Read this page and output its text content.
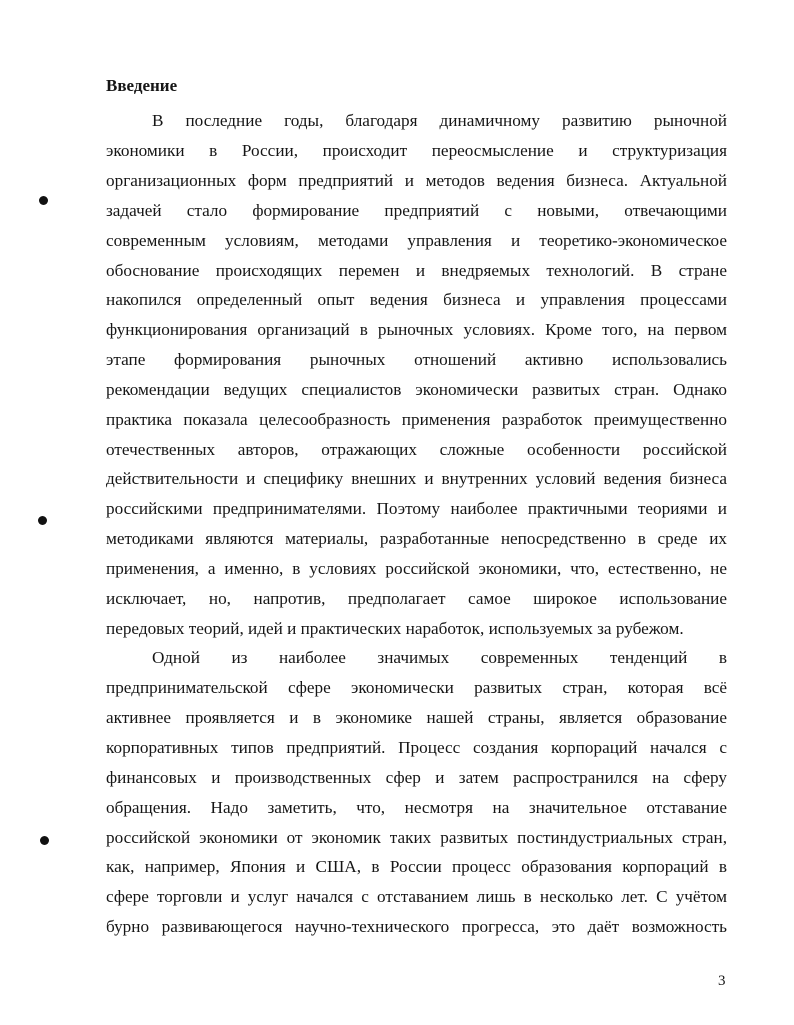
Введение
В последние годы, благодаря динамичному развитию рыночной
экономики в России, происходит переосмысление и структуризация
организационных форм предприятий и методов ведения бизнеса. Актуальной
задачей стало формирование предприятий с новыми, отвечающими
современным условиям, методами управления и теоретико-экономическое
обоснование происходящих перемен и внедряемых технологий. В стране
накопился определенный опыт ведения бизнеса и управления процессами
функционирования организаций в рыночных условиях. Кроме того, на первом
этапе формирования рыночных отношений активно использовались
рекомендации ведущих специалистов экономически развитых стран. Однако
практика показала целесообразность применения разработок преимущественно
отечественных авторов, отражающих сложные особенности российской
действительности и специфику внешних и внутренних условий ведения бизнеса
российскими предпринимателями. Поэтому наиболее практичными теориями и
методиками являются материалы, разработанные непосредственно в среде их
применения, а именно, в условиях российской экономики, что, естественно, не
исключает, но, напротив, предполагает самое широкое использование
передовых теорий, идей и практических наработок, используемых за рубежом.
Одной из наиболее значимых современных тенденций в
предпринимательской сфере экономически развитых стран, которая всё
активнее проявляется и в экономике нашей страны, является образование
корпоративных типов предприятий. Процесс создания корпораций начался с
финансовых и производственных сфер и затем распространился на сферу
обращения. Надо заметить, что, несмотря на значительное отставание
российской экономики от экономик таких развитых постиндустриальных стран,
как, например, Япония и США, в России процесс образования корпораций в
сфере торговли и услуг начался с отставанием лишь в несколько лет. С учётом
бурно развивающегося научно-технического прогресса, это даёт возможность
3
